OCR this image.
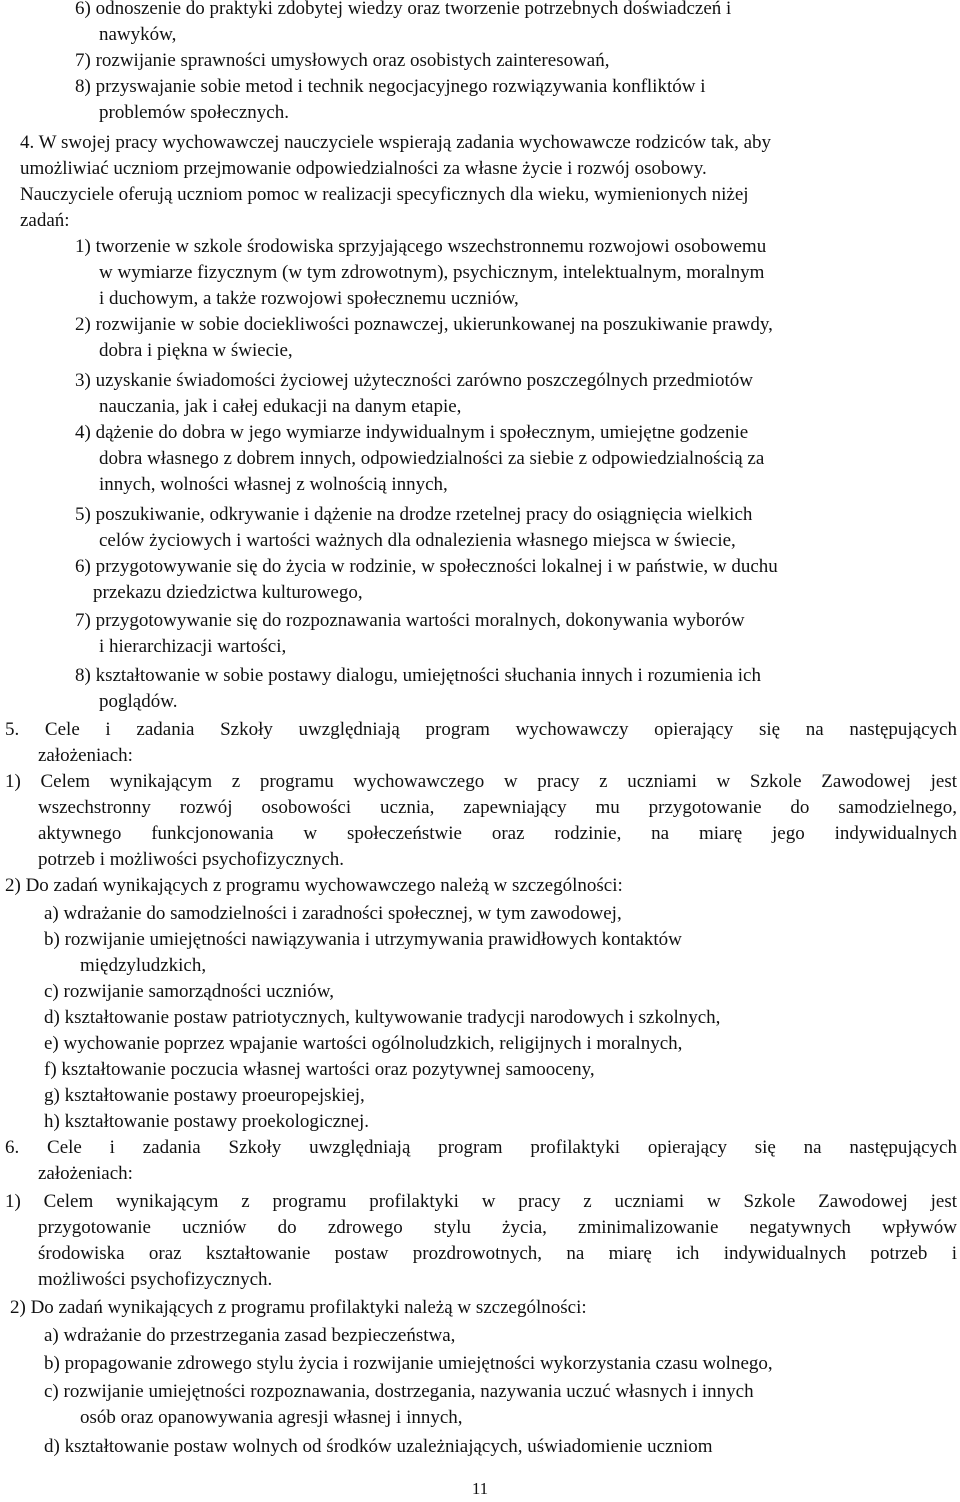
6) odnoszenie do praktyki zdobytej wiedzy oraz tworzenie potrzebnych doświadczeń i
nawyków,
7) rozwijanie sprawności umysłowych oraz osobistych zainteresowań,
8) przyswajanie sobie metod i technik negocjacyjnego rozwiązywania konfliktów i
problemów społecznych.
4. W swojej pracy wychowawczej nauczyciele wspierają zadania wychowawcze rodziców tak, aby
umożliwiać uczniom przejmowanie odpowiedzialności za własne życie i rozwój osobowy.
Nauczyciele oferują uczniom pomoc w realizacji specyficznych dla wieku, wymienionych niżej
zadań:
1) tworzenie w szkole środowiska sprzyjającego wszechstronnemu rozwojowi osobowemu
w wymiarze fizycznym (w tym zdrowotnym), psychicznym, intelektualnym, moralnym
i duchowym, a także rozwojowi społecznemu uczniów,
2) rozwijanie w sobie dociekliwości poznawczej, ukierunkowanej na poszukiwanie prawdy,
dobra i piękna w świecie,
3) uzyskanie świadomości życiowej użyteczności zarówno poszczególnych przedmiotów
nauczania, jak i całej edukacji na danym etapie,
4) dążenie do dobra w jego wymiarze indywidualnym i społecznym, umiejętne godzenie
dobra własnego z dobrem innych, odpowiedzialności za siebie z odpowiedzialnością za
innych, wolności własnej z wolnością innych,
5) poszukiwanie, odkrywanie i dążenie na drodze rzetelnej pracy do osiągnięcia wielkich
celów życiowych i wartości ważnych dla odnalezienia własnego miejsca w świecie,
6) przygotowywanie się do życia w rodzinie, w społeczności lokalnej i w państwie, w duchu
przekazu dziedzictwa kulturowego,
7) przygotowywanie się do rozpoznawania wartości moralnych, dokonywania wyborów
i hierarchizacji wartości,
8) kształtowanie w sobie postawy dialogu, umiejętności słuchania innych i rozumienia ich
poglądów.
5. Cele i zadania Szkoły uwzględniają program wychowawczy opierający się na następujących
założeniach:
1) Celem wynikającym z programu wychowawczego w pracy z uczniami w Szkole Zawodowej jest
wszechstronny rozwój osobowości ucznia, zapewniający mu przygotowanie do samodzielnego,
aktywnego funkcjonowania w społeczeństwie oraz rodzinie, na miarę jego indywidualnych
potrzeb i możliwości psychofizycznych.
2) Do zadań wynikających z programu wychowawczego należą w szczególności:
a) wdrażanie do samodzielności i zaradności społecznej, w tym zawodowej,
b) rozwijanie umiejętności nawiązywania i utrzymywania prawidłowych kontaktów
międzyludzkich,
c) rozwijanie samorządności uczniów,
d) kształtowanie postaw patriotycznych, kultywowanie tradycji narodowych i szkolnych,
e) wychowanie poprzez wpajanie wartości ogólnoludzkich, religijnych i moralnych,
f) kształtowanie poczucia własnej wartości oraz pozytywnej samooceny,
g) kształtowanie postawy proeuropejskiej,
h) kształtowanie postawy proekologicznej.
6. Cele i zadania Szkoły uwzględniają program profilaktyki opierający się na następujących
założeniach:
1) Celem wynikającym z programu profilaktyki w pracy z uczniami w Szkole Zawodowej jest
przygotowanie uczniów do zdrowego stylu życia, zminimalizowanie negatywnych wpływów
środowiska oraz kształtowanie postaw prozdrowotnych, na miarę ich indywidualnych potrzeb i
możliwości psychofizycznych.
2) Do zadań wynikających z programu profilaktyki należą w szczególności:
a) wdrażanie do przestrzegania zasad bezpieczeństwa,
b) propagowanie zdrowego stylu życia i rozwijanie umiejętności wykorzystania czasu wolnego,
c) rozwijanie umiejętności rozpoznawania, dostrzegania, nazywania uczuć własnych i innych
osób oraz opanowywania agresji własnej i innych,
d) kształtowanie postaw wolnych od środków uzależniających, uświadomienie uczniom
11
